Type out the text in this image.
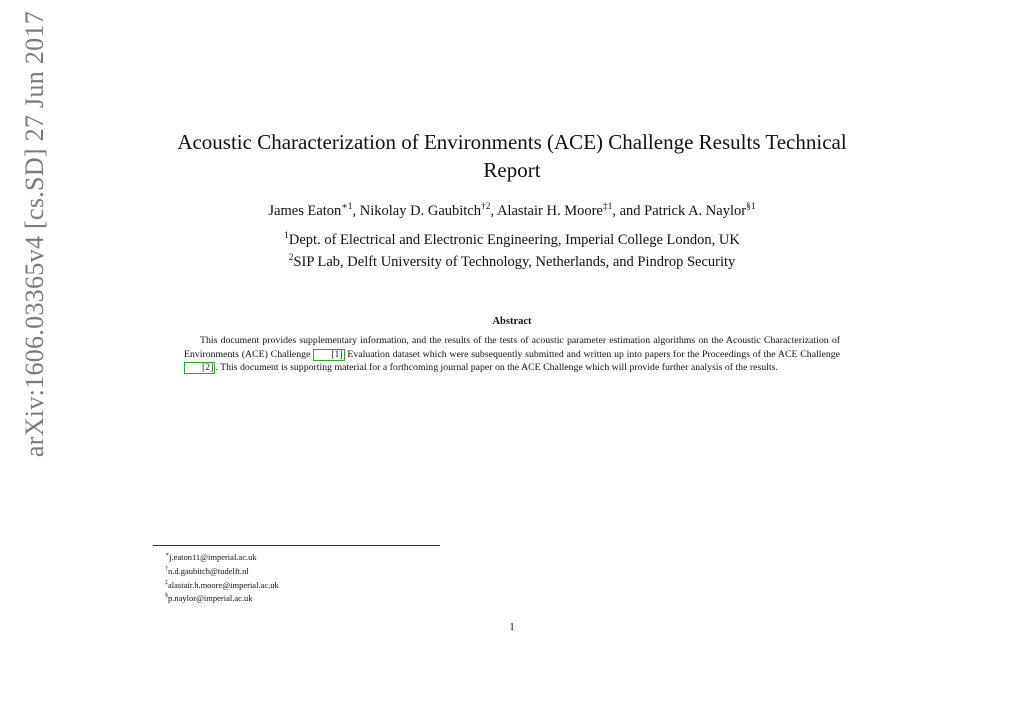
arXiv:1606.03365v4 [cs.SD] 27 Jun 2017	Acoustic Characterization of Environments (ACE) Challenge Results Technical Report
James Eaton$^{∗1}$, Nikolay D. Gaubitch$^{\dagger 2}$, Alastair H. Moore$^{\ddagger 1}$, and Patrick A. Naylor$^{\S 1}$
$^1$Dept. of Electrical and Electronic Engineering, Imperial College London, UK
$^2$SIP Lab, Delft University of Technology, Netherlands, and Pindrop Security
Abstract

This document provides supplementary information, and the results of the tests of acoustic parameter estimation algorithms on the Acoustic Characterization of Environments (ACE) Challenge [1] Evaluation dataset which were subsequently submitted and written up into papers for the Proceedings of the ACE Challenge [2] . This document is supporting material for a forthcoming journal paper on the ACE Challenge which will provide further analysis of the results.

∗j.eaton11@imperial.ac.uk
†n.d.gaubitch@tudelft.nl
‡alastair.h.moore@imperial.ac.uk
§p.naylor@imperial.ac.uk
1
